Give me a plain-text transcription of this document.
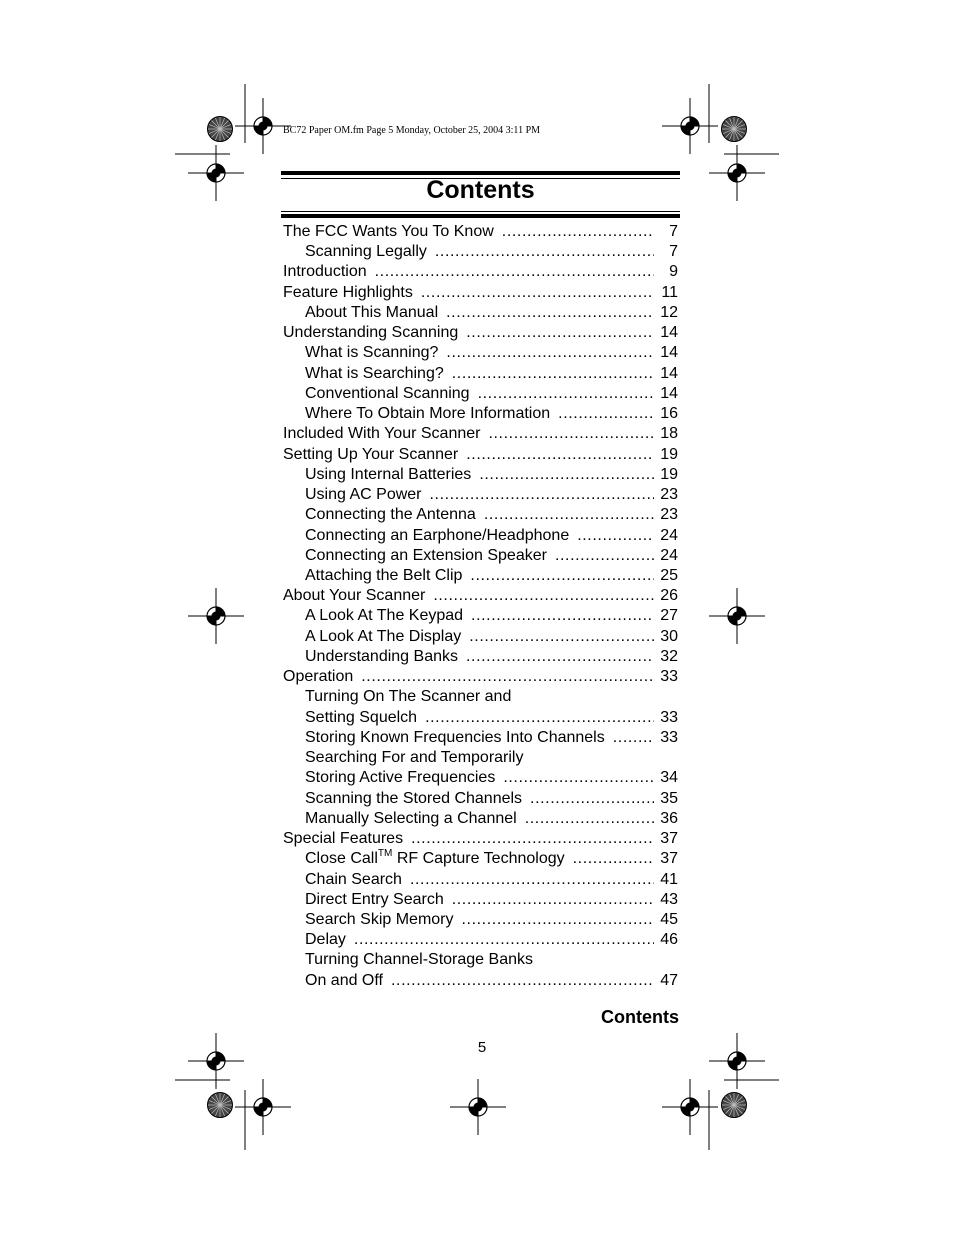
BC72 Paper OM.fm Page 5 Monday, October 25, 2004 3:11 PM
Contents
The FCC Wants You To Know .....	7
Scanning Legally .....	7
Introduction .....	9
Feature Highlights .....	11
About This Manual .....	12
Understanding Scanning .....	14
What is Scanning? .....	14
What is Searching? .....	14
Conventional Scanning .....	14
Where To Obtain More Information .....	16
Included With Your Scanner .....	18
Setting Up Your Scanner .....	19
Using Internal Batteries .....	19
Using AC Power .....	23
Connecting the Antenna .....	23
Connecting an Earphone/Headphone .....	24
Connecting an Extension Speaker .....	24
Attaching the Belt Clip .....	25
About Your Scanner .....	26
A Look At The Keypad .....	27
A Look At The Display .....	30
Understanding Banks .....	32
Operation .....	33
Turning On The Scanner and
Setting Squelch .....	33
Storing Known Frequencies Into Channels .....	33
Searching For and Temporarily
Storing Active Frequencies .....	34
Scanning the Stored Channels .....	35
Manually Selecting a Channel .....	36
Special Features .....	37
Close Call™ RF Capture Technology .....	37
Chain Search .....	41
Direct Entry Search .....	43
Search Skip Memory .....	45
Delay .....	46
Turning Channel-Storage Banks
On and Off .....	47
Contents
5
